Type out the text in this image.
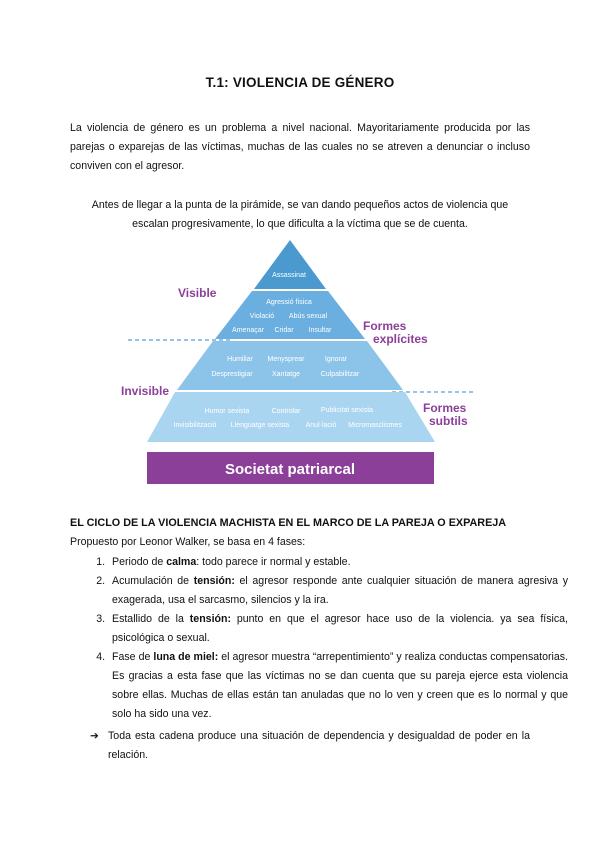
T.1: VIOLENCIA DE GÉNERO
La violencia de género es un problema a nivel nacional. Mayoritariamente producida por las parejas o exparejas de las víctimas, muchas de las cuales no se atreven a denunciar o incluso conviven con el agresor.
Antes de llegar a la punta de la pirámide, se van dando pequeños actos de violencia que escalan progresivamente, lo que dificulta a la víctima que se de cuenta.
Assassinat
Agressió física
Violació Abús sexual
Amenaçar Cridar Insultar
Humiliar Menysprear	Ignorar
Desprestigiar	Xantatge	Culpabilitzar
Humor sexista	Controlar	Publicitat sexista
Invisibilització Llenguatge sexista Anul·lació Micromasclismes
Visible
Invisible
Formes
explícites
Formes
subtils
Societat patriarcal
EL CICLO DE LA VIOLENCIA MACHISTA EN EL MARCO DE LA PAREJA O EXPAREJA
Propuesto por Leonor Walker, se basa en 4 fases:
1. Periodo de calma: todo parece ir normal y estable.
2. Acumulación de tensión: el agresor responde ante cualquier situación de manera agresiva y exagerada, usa el sarcasmo, silencios y la ira.
3. Estallido de la tensión: punto en que el agresor hace uso de la violencia. ya sea física, psicológica o sexual.
4. Fase de luna de miel: el agresor muestra “arrepentimiento” y realiza conductas compensatorias. Es gracias a esta fase que las víctimas no se dan cuenta que su pareja ejerce esta violencia sobre ellas. Muchas de ellas están tan anuladas que no lo ven y creen que es lo normal y que solo ha sido una vez.
➔ Toda esta cadena produce una situación de dependencia y desigualdad de poder en la relación.
